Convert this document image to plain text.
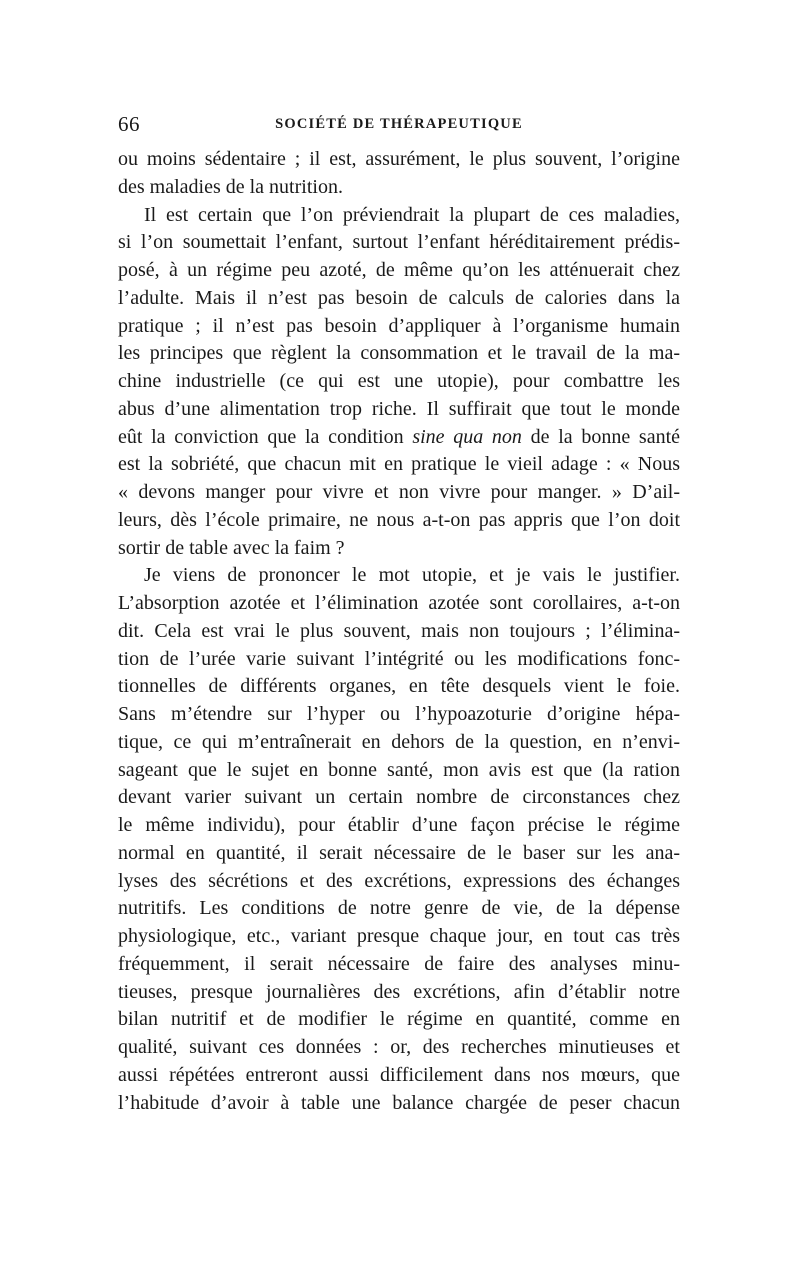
66	SOCIÉTÉ DE THÉRAPEUTIQUE
ou moins sédentaire ; il est, assurément, le plus souvent, l’origine
des maladies de la nutrition.
Il est certain que l’on préviendrait la plupart de ces maladies,
si l’on soumettait l’enfant, surtout l’enfant héréditairement prédis-
posé, à un régime peu azoté, de même qu’on les atténuerait chez
l’adulte. Mais il n’est pas besoin de calculs de calories dans la
pratique ; il n’est pas besoin d’appliquer à l’organisme humain
les principes que règlent la consommation et le travail de la ma-
chine industrielle (ce qui est une utopie), pour combattre les
abus d’une alimentation trop riche. Il suffirait que tout le monde
eût la conviction que la condition sine qua non de la bonne santé
est la sobriété, que chacun mit en pratique le vieil adage : « Nous
« devons manger pour vivre et non vivre pour manger. » D’ail-
leurs, dès l’école primaire, ne nous a-t-on pas appris que l’on doit
sortir de table avec la faim ?
Je viens de prononcer le mot utopie, et je vais le justifier.
L’absorption azotée et l’élimination azotée sont corollaires, a-t-on
dit. Cela est vrai le plus souvent, mais non toujours ; l’élimina-
tion de l’urée varie suivant l’intégrité ou les modifications fonc-
tionnelles de différents organes, en tête desquels vient le foie.
Sans m’étendre sur l’hyper ou l’hypoazoturie d’origine hépa-
tique, ce qui m’entraînerait en dehors de la question, en n’envi-
sageant que le sujet en bonne santé, mon avis est que (la ration
devant varier suivant un certain nombre de circonstances chez
le même individu), pour établir d’une façon précise le régime
normal en quantité, il serait nécessaire de le baser sur les ana-
lyses des sécrétions et des excrétions, expressions des échanges
nutritifs. Les conditions de notre genre de vie, de la dépense
physiologique, etc., variant presque chaque jour, en tout cas très
fréquemment, il serait nécessaire de faire des analyses minu-
tieuses, presque journalières des excrétions, afin d’établir notre
bilan nutritif et de modifier le régime en quantité, comme en
qualité, suivant ces données : or, des recherches minutieuses et
aussi répétées entreront aussi difficilement dans nos mœurs, que
l’habitude d’avoir à table une balance chargée de peser chacun
